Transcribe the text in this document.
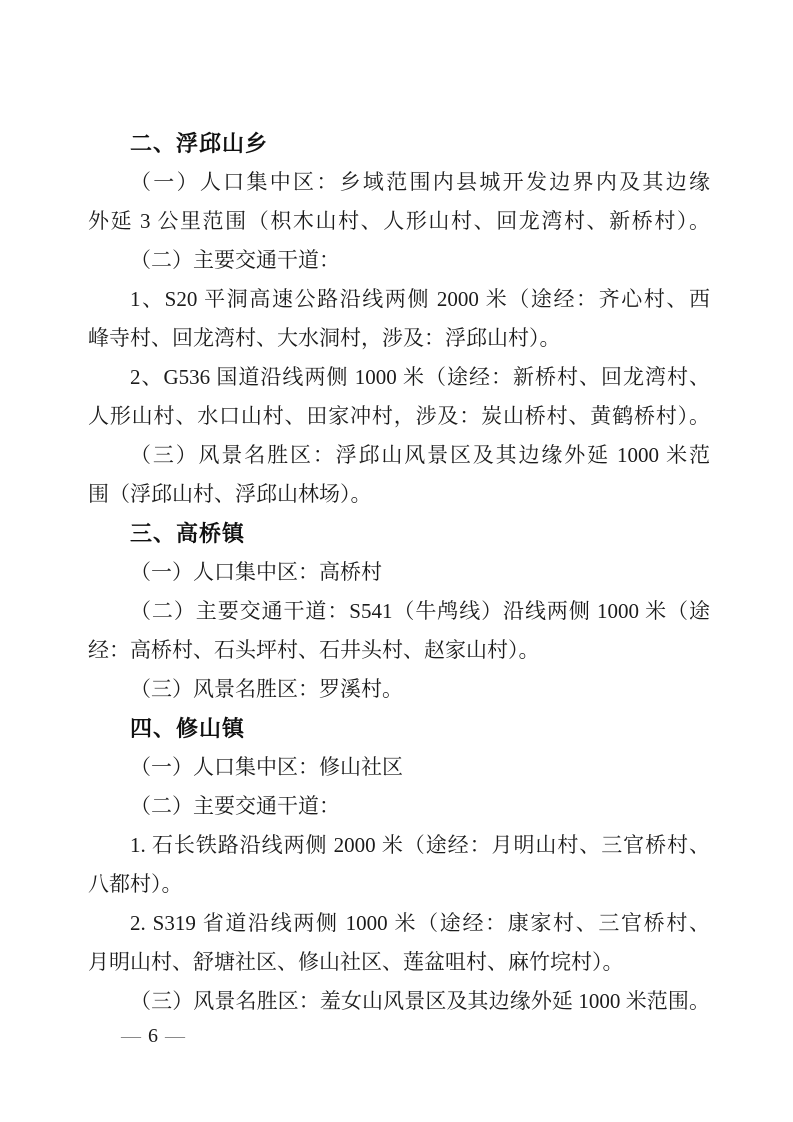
二、浮邱山乡
（一）人口集中区：乡域范围内县城开发边界内及其边缘
外延 3 公里范围（枳木山村、人形山村、回龙湾村、新桥村）。
（二）主要交通干道：
1、S20 平洞高速公路沿线两侧 2000 米（途经：齐心村、西
峰寺村、回龙湾村、大水洞村，涉及：浮邱山村）。
2、G536 国道沿线两侧 1000 米（途经：新桥村、回龙湾村、
人形山村、水口山村、田家冲村，涉及：炭山桥村、黄鹤桥村）。
（三）风景名胜区：浮邱山风景区及其边缘外延 1000 米范
围（浮邱山村、浮邱山林场）。
三、高桥镇
（一）人口集中区：高桥村
（二）主要交通干道：S541（牛鸬线）沿线两侧 1000 米（途
经：高桥村、石头坪村、石井头村、赵家山村）。
（三）风景名胜区：罗溪村。
四、修山镇
（一）人口集中区：修山社区
（二）主要交通干道：
1. 石长铁路沿线两侧 2000 米（途经：月明山村、三官桥村、
八都村）。
2. S319 省道沿线两侧 1000 米（途经：康家村、三官桥村、
月明山村、舒塘社区、修山社区、莲盆咀村、麻竹垸村）。
（三）风景名胜区：羞女山风景区及其边缘外延 1000 米范围。
— 6 —
